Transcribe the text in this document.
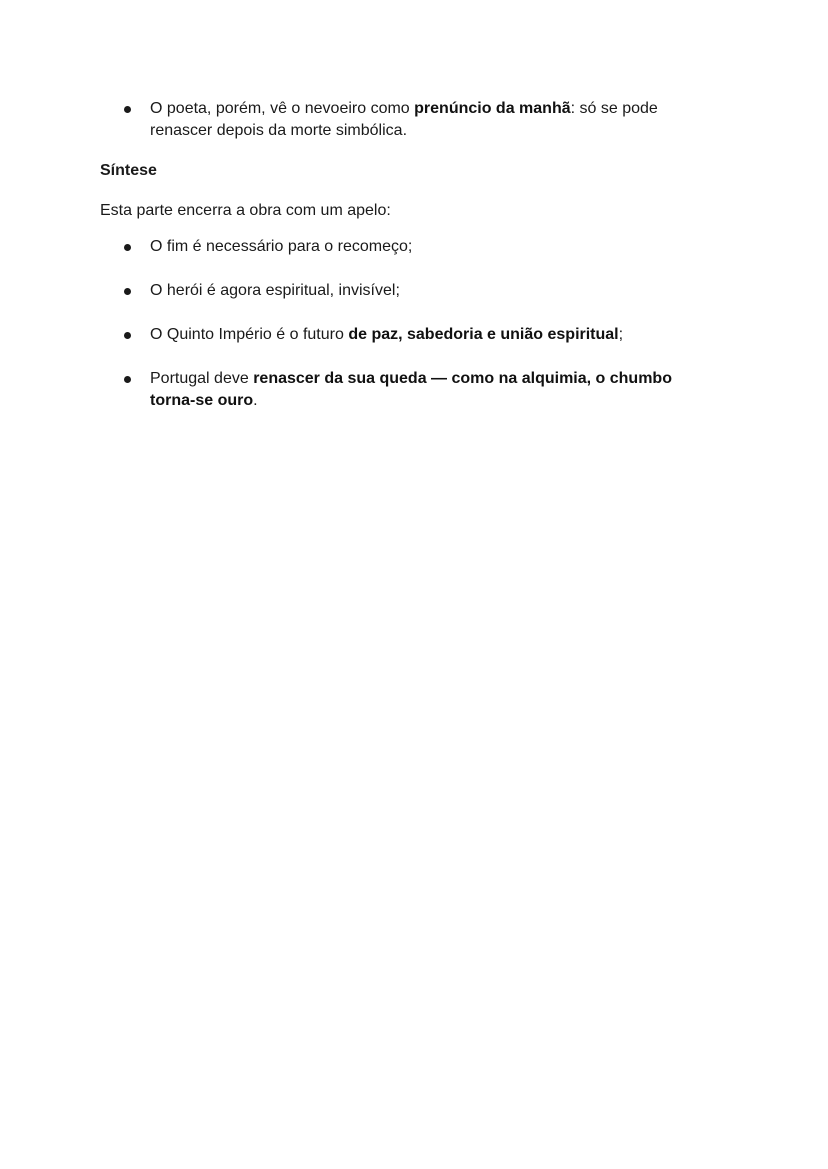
O poeta, porém, vê o nevoeiro como prenúncio da manhã: só se pode renascer depois da morte simbólica.
Síntese

Esta parte encerra a obra com um apelo:

O fim é necessário para o recomeço;
O herói é agora espiritual, invisível;
O Quinto Império é o futuro de paz, sabedoria e união espiritual;
Portugal deve renascer da sua queda — como na alquimia, o chumbo torna-se ouro.
